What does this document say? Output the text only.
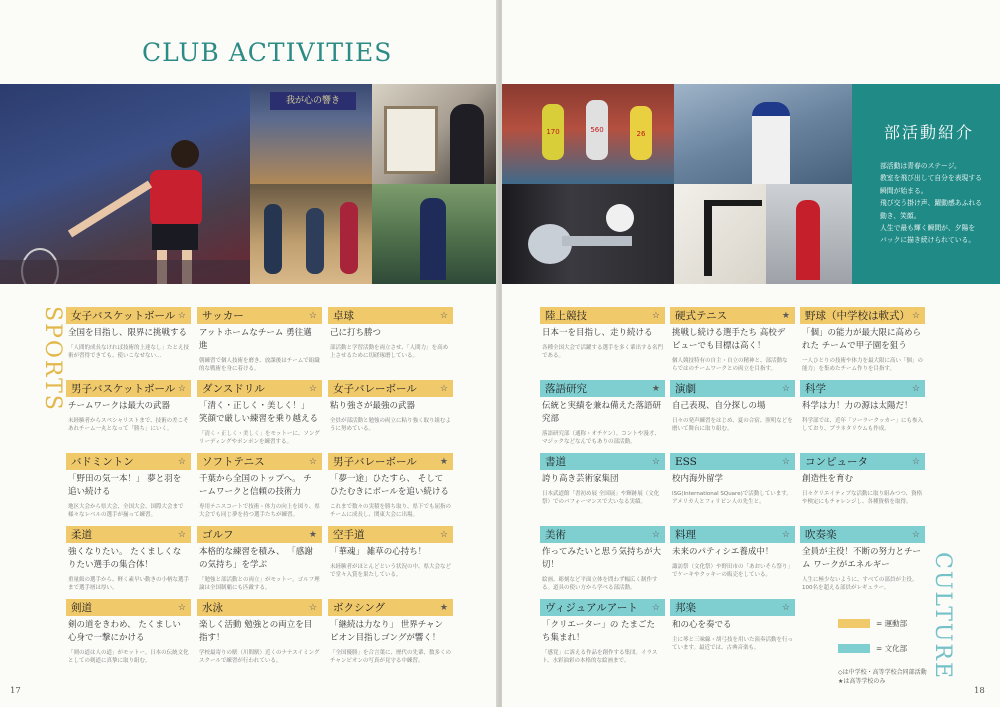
CLUB ACTIVITIES
我が心の響き
SPORTS 女子バスケットボール ☆
全国を目指し、限界に挑戦する
「人間的成長なければ技術的上達なし」たとえ技術が習得できても、使いこなせない…
サッカー	☆
アットホームなチーム 勇往邁進
朝練習で個人技術を磨き、放課後はチームで組織的な戦術を身に着ける。
卓球	☆
己に打ち勝つ
部活動と学習活動を両立させ、「人間力」を高め上させるために切磋琢磨している。
男子バスケットボール ☆
チームワークは最大の武器
未経験者からスペシャリストまで、技術の差こそあれチーム一丸となって「勝ち」にいく。
ダンスドリル	☆
「清く・正しく・美しく！」 笑顔で厳しい練習を乗り越える
「清く・正しく・美しく」をモットーに、ソングリーディングやポンポンを練習する。
女子バレーボール	☆
粘り強さが最強の武器
全員が部活動と勉強の両立に粘り強く取り組むように努めている。
バドミントン	☆
「野田の気一本！」 夢と羽を追い続ける
地区大会から県大会、全国大会、国際大会まで様々なレベルの選手が揃って練習。
ソフトテニス	☆
千葉から全国のトップへ。 チームワークと信頼の技術力
専用テニスコートで技術・体力の向上を図り、県大会でも同じ夢を持つ選手たちが練習。
男子バレーボール	★
「夢一途」ひたすら、 そしてひたむきにボールを追い続ける
これまで数々の実積を勝ち取り、県下でも屈指のチームに成長し、関東大会に出場。
柔道	☆
強くなりたい。 たくましくなりたい選手の集合体！
重量級の選手から、軽く素早い動きの小柄な選手まで選手層は厚い。
ゴルフ	★
本格的な練習を積み、 「感謝の気持ち」を学ぶ
「勉強と部活動との両立」がモットー。ゴルフ理論は全国制覇にも匹敵する。
空手道	☆
「華魂」 雑草の心持ち！
未経験者がほとんどという状況の中、県大会などで堂々入賞を果たしている。
剣道	☆
剣の道をきわめ、 たくましい心身で一撃にかける
「剣の道は人の道」がモットー。日本の伝統文化としての剣道に真摯に取り組む。
水泳	☆
楽しく活動 勉強との両立を目指す！
学校最寄りの駅（川間駅）近くのナナスイミングスクールで練習が行われている。
ボクシング	★
「継続は力なり」 世界チャンピオン目指しゴングが響く！
「全国優勝」を合言葉に、歴代の先輩、数多くのチャンピオンの写真が見守る中練習。
17
170	560	26	部活動紹介
部活動は青春のステージ。
教室を飛び出して自分を表現する
瞬間が始まる。
飛び交う掛け声、躍動感あふれる
動き、笑顔。
人生で最も輝く瞬間が、夕陽を
バックに描き続けられている。
陸上競技	☆
日本一を目指し、走り続ける
各種全国大会で活躍する選手を多く輩出する名門である。
硬式テニス	★
挑戦し続ける選手たち 高校デビューでも目標は高く！
個人競技特有の自主・自立の精神と、部活動ならではのチームワークとの両立を目指す。
野球（中学校は軟式） ☆
「個」の能力が最大限に高められた チームで甲子園を狙う
一人ひとりの技術や体力を最大限に高い「個」の能力」を集めたチーム作りを目指す。
落語研究	★
伝統と実績を兼ね備えた落語研究部
落語研究部（通称・オチケン）。コントや漫才、マジックなどなんでもありの部活動。
演劇	☆
自己表現、自分探しの場
日々の発声練習をはじめ、夏の合宿、照明などを磨いて舞台に取り組む。
科学	☆
科学は力！力の源は太陽だ！
科学部では、近年「ソーラークッカー」にも参入しており、プラネタリウムも作成。
書道	☆
誇り高き芸術家集団
日本武道館「書初め展 全国展」や輝跡展（文化祭）でのパフォーマンスで大いなる実績。
ESS	☆
校内海外留学
ISG(International SQuare)で活動しています。アメリカ人とフィリピン人の先生と。
コンピュータ	☆
創造性を育む
日々クリエイティブな活動に取り組みつつ、資格や検定にもチャレンジし、各種資格を取得。
美術	☆
作ってみたいと思う気持ちが大切！
絵画、彫刻など平面立体を問わず幅広く制作する。道具の使い方から学べる部活動。
料理	☆
未来のパティシエ養成中！
諏訪祭（文化祭）や野田市の「あおいそら祭り」でケーキやクッキーの販売をしている。
吹奏楽	☆
全員が主役！不断の努力とチーム ワークがエネルギー
人生に極少ないように、すべての部員が主役。100名を超える部員がレギュラー。
ヴィジュアルアート ☆
「クリエーター」の たまごたち集まれ！
「感覚」に訴える作品を創作する集団。イラスト、水彩油彩の本格的な絵画まで。
邦楽	☆
和の心を奏でる
主に琴と三味線・胡弓技を用いた演奏活動を行っています。最近では、古典音楽も。	CULTURE
= 運動部
= 文化部
◇は中学校・高等学校合同部活動
★は高等学校のみ
18
